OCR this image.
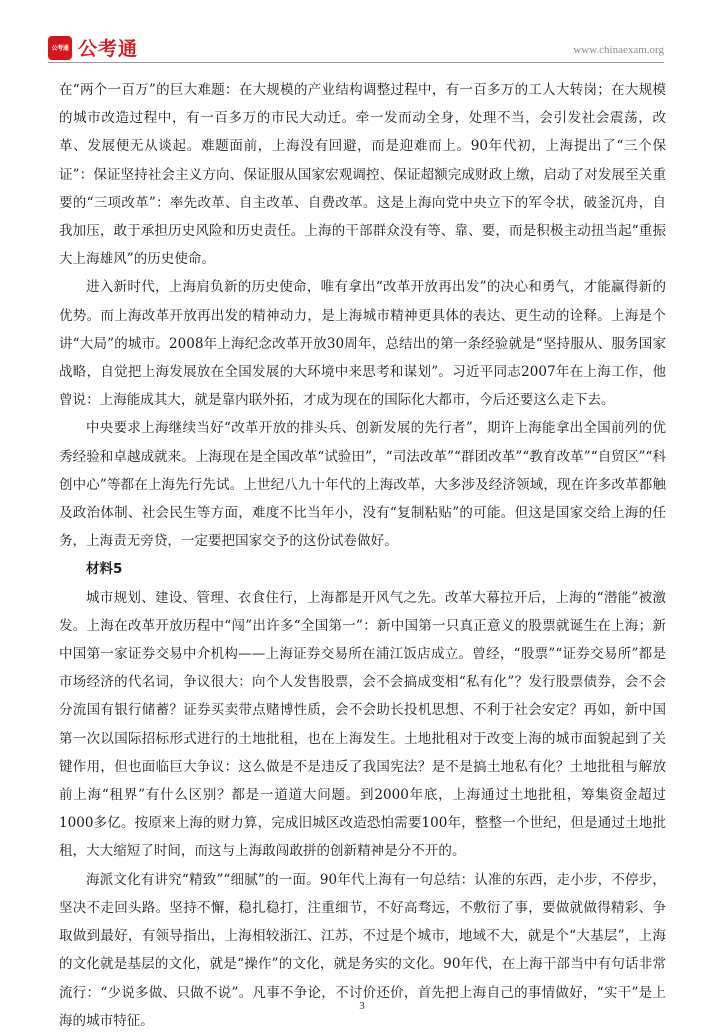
公考通 公考通	www.chinaexam.org

在“两个一百万”的巨大难题：在大规模的产业结构调整过程中，有一百多万的工人大转岗；在大规模的城市改造过程中，有一百多万的市民大动迁。牵一发而动全身，处理不当，会引发社会震荡，改革、发展便无从谈起。难题面前，上海没有回避，而是迎难而上。90年代初，上海提出了“三个保证”：保证坚持社会主义方向、保证服从国家宏观调控、保证超额完成财政上缴，启动了对发展至关重要的“三项改革”：率先改革、自主改革、自费改革。这是上海向党中央立下的军令状，破釜沉舟，自我加压，敢于承担历史风险和历史责任。上海的干部群众没有等、靠、要，而是积极主动扭当起“重振大上海雄风”的历史使命。

进入新时代，上海肩负新的历史使命，唯有拿出“改革开放再出发”的决心和勇气，才能赢得新的优势。而上海改革开放再出发的精神动力，是上海城市精神更具体的表达、更生动的诠释。上海是个讲“大局”的城市。2008年上海纪念改革开放30周年，总结出的第一条经验就是“坚持服从、服务国家战略，自觉把上海发展放在全国发展的大环境中来思考和谋划”。习近平同志2007年在上海工作，他曾说：上海能成其大，就是靠内联外拓，才成为现在的国际化大都市，今后还要这么走下去。

中央要求上海继续当好“改革开放的排头兵、创新发展的先行者”，期许上海能拿出全国前列的优秀经验和卓越成就来。上海现在是全国改革“试验田”，“司法改革”“群团改革”“教育改革”“自贸区”“科创中心”等都在上海先行先试。上世纪八九十年代的上海改革，大多涉及经济领域，现在许多改革都触及政治体制、社会民生等方面，难度不比当年小，没有“复制粘贴”的可能。但这是国家交给上海的任务，上海责无旁贷，一定要把国家交予的这份试卷做好。

材料5

城市规划、建设、管理、衣食住行，上海都是开风气之先。改革大幕拉开后，上海的“潜能”被激发。上海在改革开放历程中“闯”出许多“全国第一”：新中国第一只真正意义的股票就诞生在上海；新中国第一家证券交易中介机构——上海证券交易所在浦江饭店成立。曾经，“股票”“证券交易所”都是市场经济的代名词，争议很大：向个人发售股票，会不会搞成变相“私有化”？发行股票债券，会不会分流国有银行储蓄？证券买卖带点赌博性质，会不会助长投机思想、不利于社会安定？再如，新中国第一次以国际招标形式进行的土地批租，也在上海发生。土地批租对于改变上海的城市面貌起到了关键作用，但也面临巨大争议：这么做是不是违反了我国宪法？是不是搞土地私有化？土地批租与解放前上海“租界”有什么区别？都是一道道大问题。到2000年底，上海通过土地批租，筹集资金超过1000多亿。按原来上海的财力算，完成旧城区改造恐怕需要100年，整整一个世纪，但是通过土地批租，大大缩短了时间，而这与上海敢闯敢拼的创新精神是分不开的。

海派文化有讲究“精致”“细腻”的一面。90年代上海有一句总结：认准的东西，走小步，不停步，坚决不走回头路。坚持不懈，稳扎稳打，注重细节，不好高骛远，不敷衍了事，要做就做得精彩、争取做到最好，有领导指出，上海相较浙江、江苏，不过是个城市，地域不大，就是个“大基层”，上海的文化就是基层的文化，就是“操作”的文化，就是务实的文化。90年代，在上海干部当中有句话非常流行：“少说多做、只做不说”。凡事不争论，不讨价还价，首先把上海自己的事情做好，“实干”是上海的城市特征。

3
